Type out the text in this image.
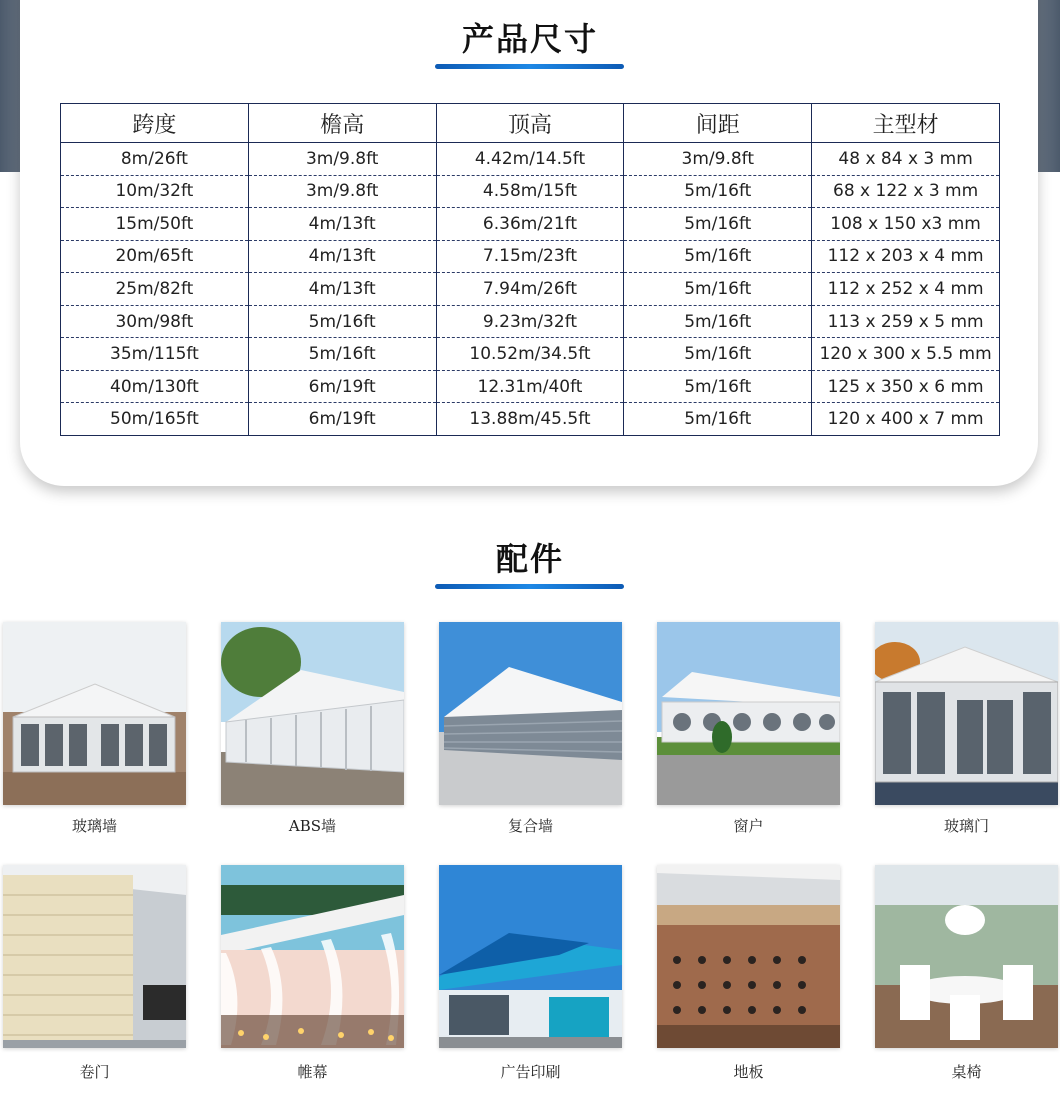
产品尺寸
跨度	檐高	顶高	间距	主型材
8m/26ft	3m/9.8ft	4.42m/14.5ft	3m/9.8ft	48 x 84 x 3 mm
10m/32ft	3m/9.8ft	4.58m/15ft	5m/16ft	68 x 122 x 3 mm
15m/50ft	4m/13ft	6.36m/21ft	5m/16ft	108 x 150 x3 mm
20m/65ft	4m/13ft	7.15m/23ft	5m/16ft	112 x 203 x 4 mm
25m/82ft	4m/13ft	7.94m/26ft	5m/16ft	112 x 252 x 4 mm
30m/98ft	5m/16ft	9.23m/32ft	5m/16ft	113 x 259 x 5 mm
35m/115ft	5m/16ft	10.52m/34.5ft	5m/16ft	120 x 300 x 5.5 mm
40m/130ft	6m/19ft	12.31m/40ft	5m/16ft	125 x 350 x 6 mm
50m/165ft	6m/19ft	13.88m/45.5ft	5m/16ft	120 x 400 x 7 mm
配件
玻璃墙	ABS墙	复合墙	窗户	玻璃门
卷门	帷幕	广告印刷	地板	桌椅
